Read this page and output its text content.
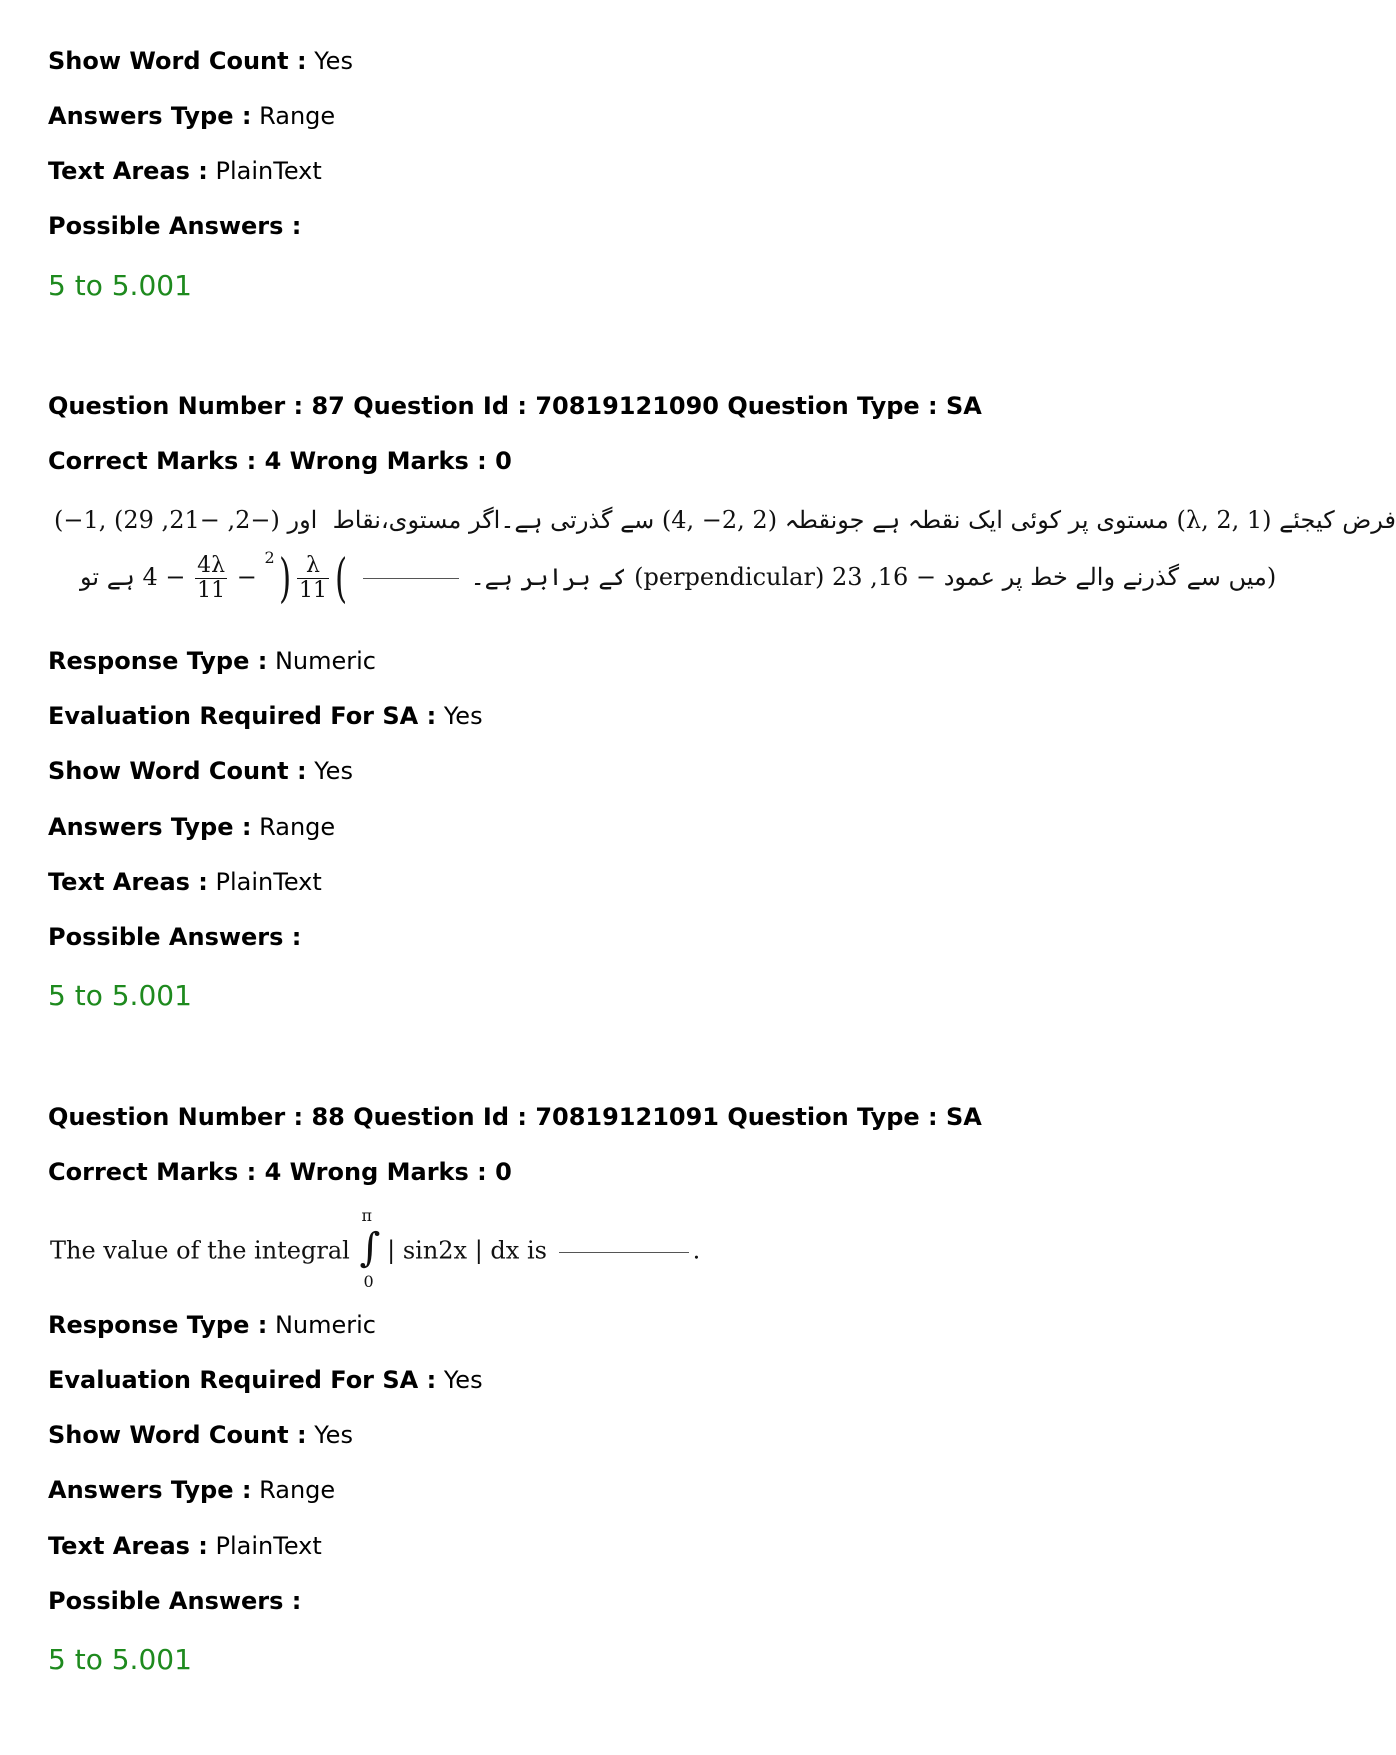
Show Word Count : Yes
Answers Type : Range
Text Areas : PlainText
Possible Answers :
5 to 5.001
Question Number : 87 Question Id : 70819121090 Question Type : SA
Correct Marks : 4 Wrong Marks : 0
(−1, اور (−2, −21, 29) ‎ سے گذرتی ہے۔اگر مستوی،نقاط ‎(4, −2, 2)‎ مستوی پر کوئی ایک نقطہ ہے جونقطہ ‎(λ, 2, 1)‎ فرض کیجئے
کے برابر ہے۔  (
$\frac{\lambda}{11}$
)$^2$ −
$\frac{4\lambda}{11}$
− 4 ہے تو	(perpendicular) میں سے گذرنے والے خط پر عمود − 16, 23)
Response Type : Numeric
Evaluation Required For SA : Yes
Show Word Count : Yes
Answers Type : Range
Text Areas : PlainText
Possible Answers :
5 to 5.001
Question Number : 88 Question Id : 70819121091 Question Type : SA
Correct Marks : 4 Wrong Marks : 0
The value of the integral
π
∫
0
| sin2x | dx is	.
Response Type : Numeric
Evaluation Required For SA : Yes
Show Word Count : Yes
Answers Type : Range
Text Areas : PlainText
Possible Answers :
5 to 5.001
